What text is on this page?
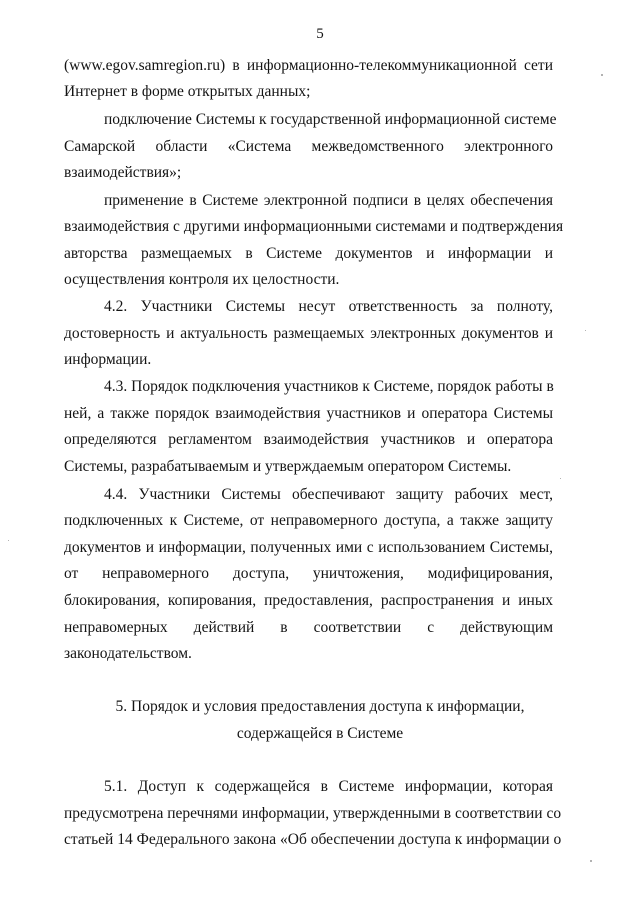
5
(www.egov.samregion.ru) в информационно-телекоммуникационной сети
Интернет в форме открытых данных;
подключение Системы к государственной информационной системе
Самарской области «Система межведомственного электронного
взаимодействия»;
применение в Системе электронной подписи в целях обеспечения
взаимодействия с другими информационными системами и подтверждения
авторства размещаемых в Системе документов и информации и
осуществления контроля их целостности.
4.2. Участники Системы несут ответственность за полноту,
достоверность и актуальность размещаемых электронных документов и
информации.
4.3. Порядок подключения участников к Системе, порядок работы в
ней, а также порядок взаимодействия участников и оператора Системы
определяются регламентом взаимодействия участников и оператора
Системы, разрабатываемым и утверждаемым оператором Системы.
4.4. Участники Системы обеспечивают защиту рабочих мест,
подключенных к Системе, от неправомерного доступа, а также защиту
документов и информации, полученных ими с использованием Системы,
от неправомерного доступа, уничтожения, модифицирования,
блокирования, копирования, предоставления, распространения и иных
неправомерных действий в соответствии с действующим
законодательством.
5. Порядок и условия предоставления доступа к информации,
содержащейся в Системе
5.1. Доступ к содержащейся в Системе информации, которая
предусмотрена перечнями информации, утвержденными в соответствии со
статьей 14 Федерального закона «Об обеспечении доступа к информации о
